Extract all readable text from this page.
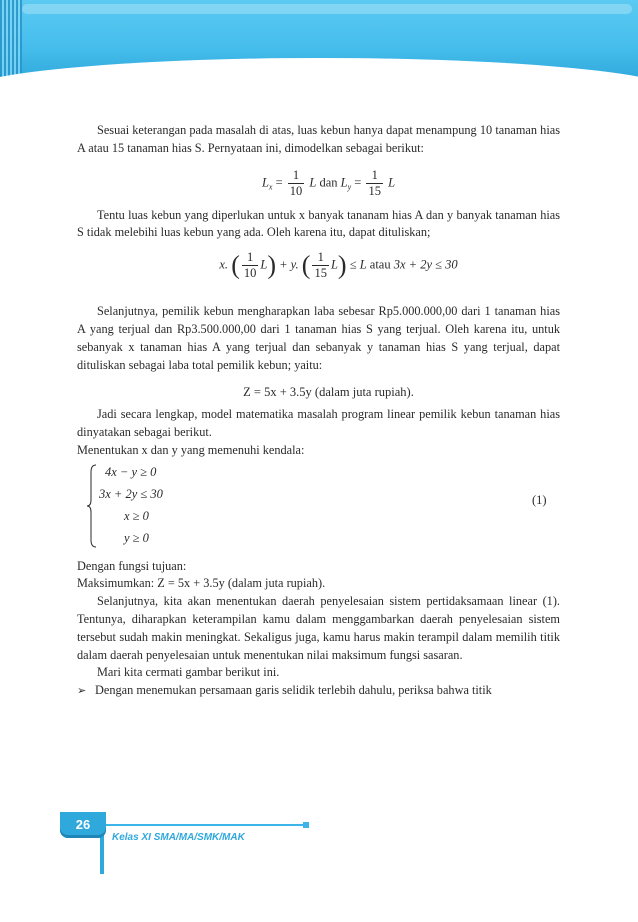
Sesuai keterangan pada masalah di atas, luas kebun hanya dapat menampung 10 tanaman hias A atau 15 tanaman hias S. Pernyataan ini, dimodelkan sebagai berikut:

$L_x = \frac{1}{10}$ L dan $L_y = \frac{1}{15}$ L

Tentu luas kebun yang diperlukan untuk x banyak tananam hias A dan y banyak tanaman hias S tidak melebihi luas kebun yang ada. Oleh karena itu, dapat dituliskan;

x. ( $\frac{1}{10} L) + y$. ( $\frac{1}{15} L) \le L$ atau 3x + 2y ≤ 30

Selanjutnya, pemilik kebun mengharapkan laba sebesar Rp5.000.000,00 dari 1 tanaman hias A yang terjual dan Rp3.500.000,00 dari 1 tanaman hias S yang terjual. Oleh karena itu, untuk sebanyak x tanaman hias A yang terjual dan sebanyak y tanaman hias S yang terjual, dapat dituliskan sebagai laba total pemilik kebun; yaitu:

Z = 5x + 3.5y (dalam juta rupiah).

Jadi secara lengkap, model matematika masalah program linear pemilik kebun tanaman hias dinyatakan sebagai berikut.

Menentukan x dan y yang memenuhi kendala:

4x − y ≥ 0
3x + 2y ≤ 30
x ≥ 0
y ≥ 0
(1)

Dengan fungsi tujuan:

Maksimumkan: Z = 5x + 3.5y (dalam juta rupiah).

Selanjutnya, kita akan menentukan daerah penyelesaian sistem pertidaksamaan linear (1). Tentunya, diharapkan keterampilan kamu dalam menggambarkan daerah penyelesaian sistem tersebut sudah makin meningkat. Sekaligus juga, kamu harus makin terampil dalam memilih titik dalam daerah penyelesaian untuk menentukan nilai maksimum fungsi sasaran.

Mari kita cermati gambar berikut ini.

➢ Dengan menemukan persamaan garis selidik terlebih dahulu, periksa bahwa titik

26
Kelas XI SMA/MA/SMK/MAK
